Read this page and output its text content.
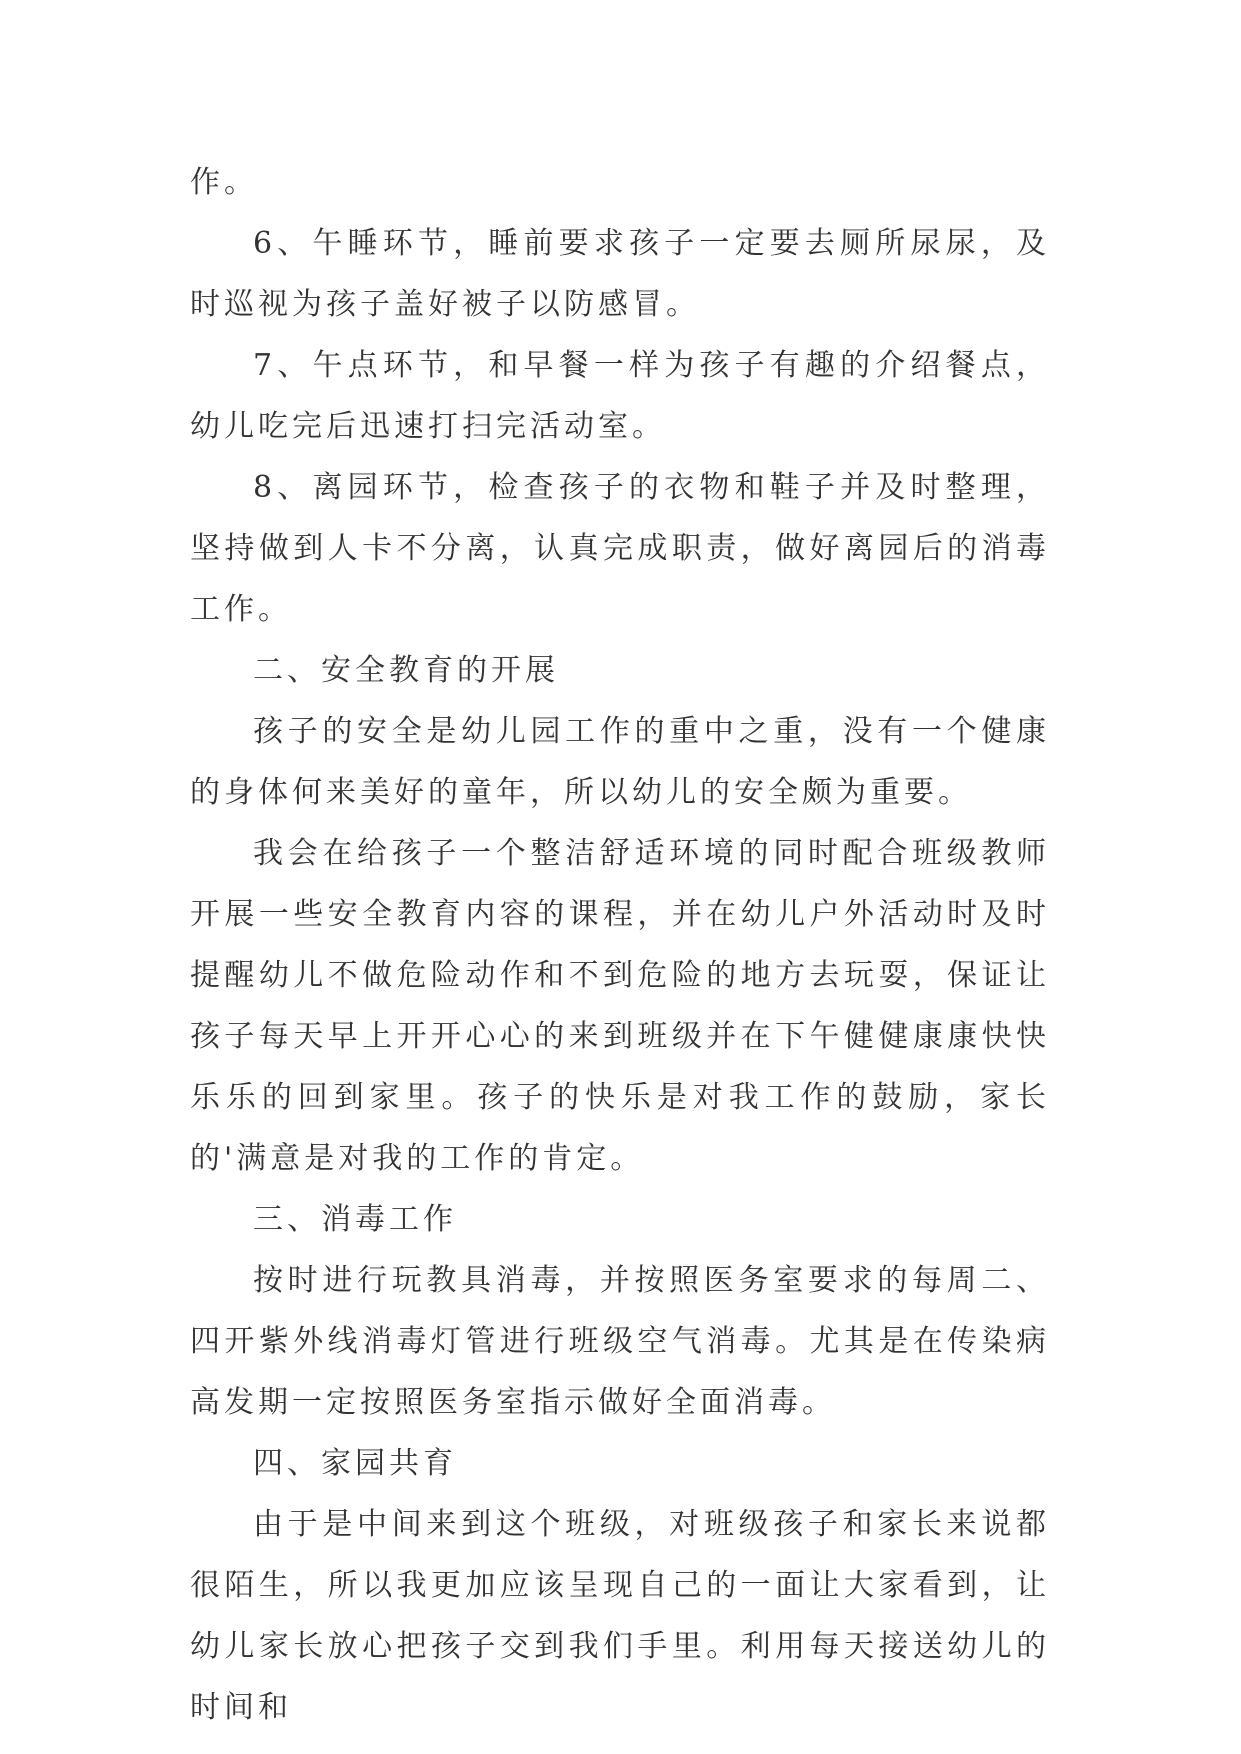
作。

6、午睡环节，睡前要求孩子一定要去厕所尿尿，及时巡视为孩子盖好被子以防感冒。

7、午点环节，和早餐一样为孩子有趣的介绍餐点，幼儿吃完后迅速打扫完活动室。

8、离园环节，检查孩子的衣物和鞋子并及时整理，坚持做到人卡不分离，认真完成职责，做好离园后的消毒工作。

二、安全教育的开展

孩子的安全是幼儿园工作的重中之重，没有一个健康的身体何来美好的童年，所以幼儿的安全颇为重要。

我会在给孩子一个整洁舒适环境的同时配合班级教师开展一些安全教育内容的课程，并在幼儿户外活动时及时提醒幼儿不做危险动作和不到危险的地方去玩耍，保证让孩子每天早上开开心心的来到班级并在下午健健康康快快乐乐的回到家里。孩子的快乐是对我工作的鼓励，家长的'满意是对我的工作的肯定。

三、消毒工作

按时进行玩教具消毒，并按照医务室要求的每周二、四开紫外线消毒灯管进行班级空气消毒。尤其是在传染病高发期一定按照医务室指示做好全面消毒。

四、家园共育

由于是中间来到这个班级，对班级孩子和家长来说都很陌生，所以我更加应该呈现自己的一面让大家看到，让幼儿家长放心把孩子交到我们手里。利用每天接送幼儿的时间和
